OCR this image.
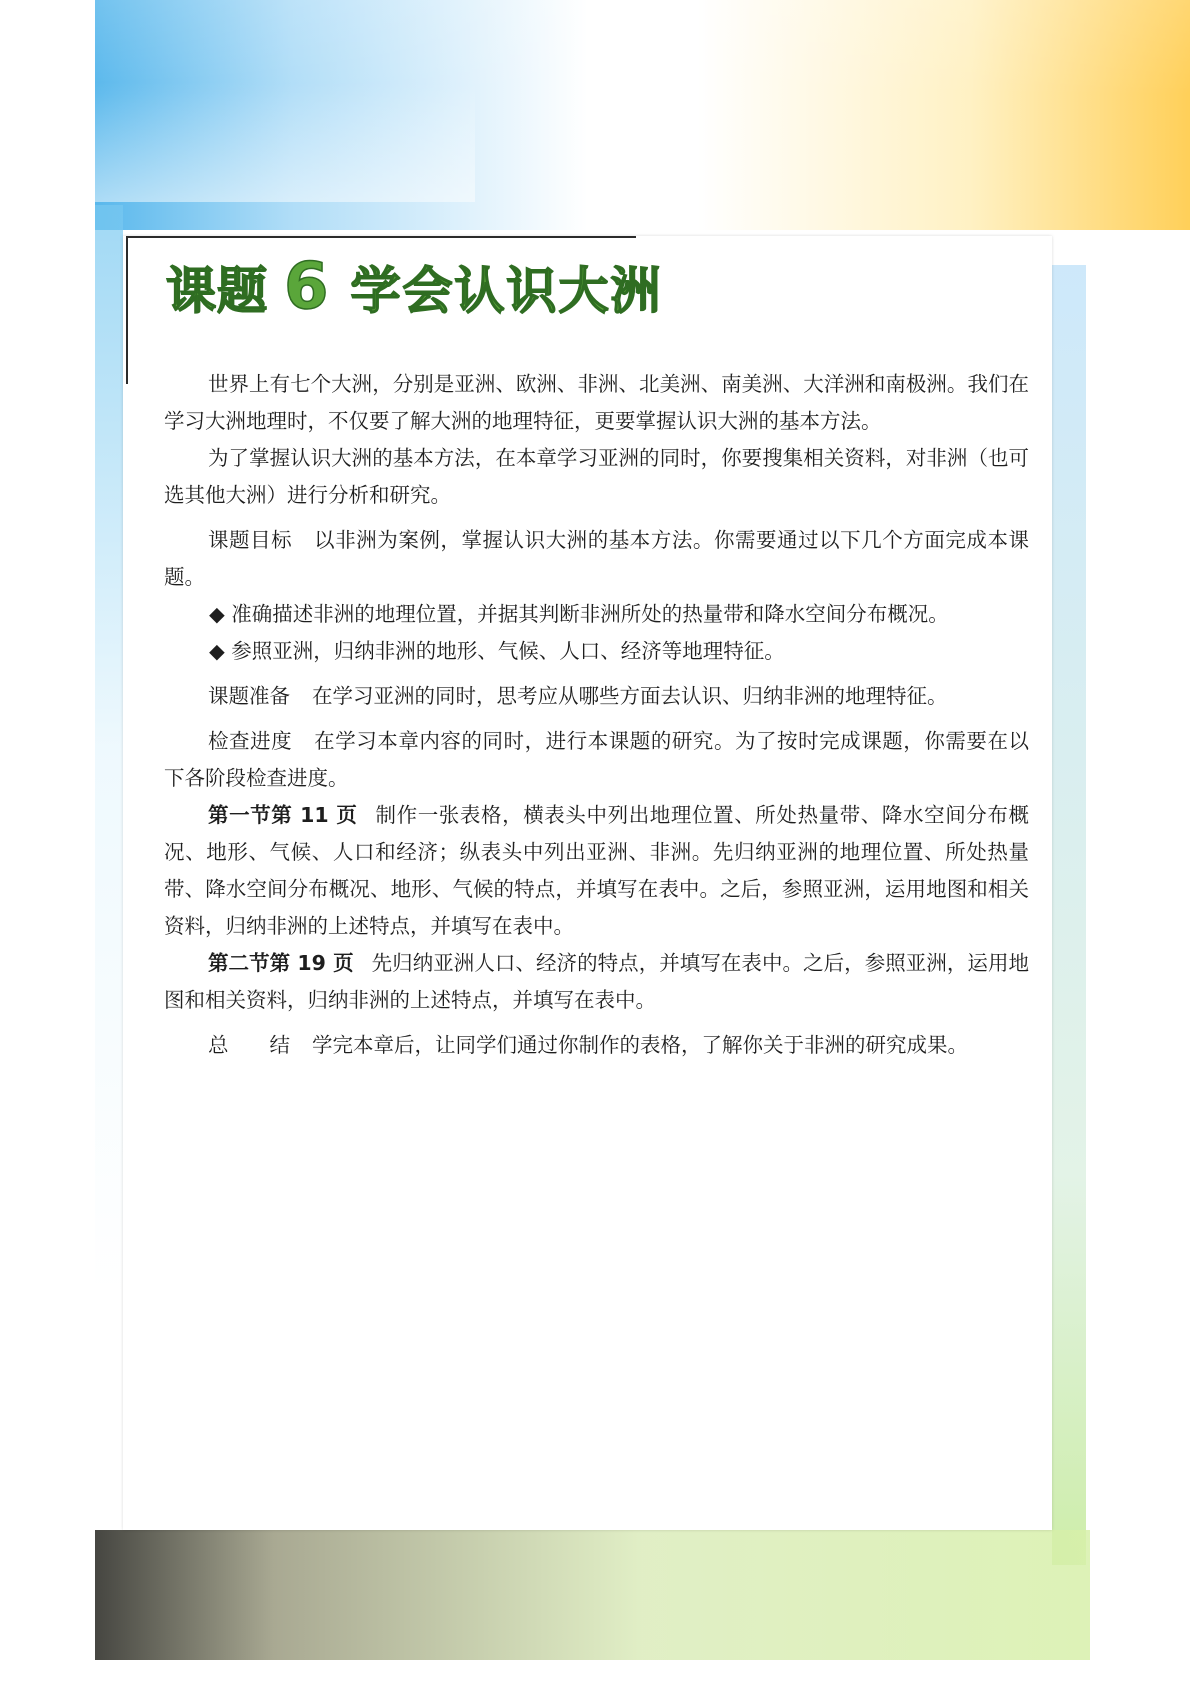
课题 6 学会认识大洲

世界上有七个大洲，分别是亚洲、欧洲、非洲、北美洲、南美洲、大洋洲和南极洲。我们在学习大洲地理时，不仅要了解大洲的地理特征，更要掌握认识大洲的基本方法。

为了掌握认识大洲的基本方法，在本章学习亚洲的同时，你要搜集相关资料，对非洲（也可选其他大洲）进行分析和研究。

课题目标 以非洲为案例，掌握认识大洲的基本方法。你需要通过以下几个方面完成本课题。

◆ 准确描述非洲的地理位置，并据其判断非洲所处的热量带和降水空间分布概况。

◆ 参照亚洲，归纳非洲的地形、气候、人口、经济等地理特征。

课题准备 在学习亚洲的同时，思考应从哪些方面去认识、归纳非洲的地理特征。

检查进度 在学习本章内容的同时，进行本课题的研究。为了按时完成课题，你需要在以下各阶段检查进度。

第一节第 11 页 制作一张表格，横表头中列出地理位置、所处热量带、降水空间分布概况、地形、气候、人口和经济；纵表头中列出亚洲、非洲。先归纳亚洲的地理位置、所处热量带、降水空间分布概况、地形、气候的特点，并填写在表中。之后，参照亚洲，运用地图和相关资料，归纳非洲的上述特点，并填写在表中。

第二节第 19 页 先归纳亚洲人口、经济的特点，并填写在表中。之后，参照亚洲，运用地图和相关资料，归纳非洲的上述特点，并填写在表中。

总　　结 学完本章后，让同学们通过你制作的表格，了解你关于非洲的研究成果。
